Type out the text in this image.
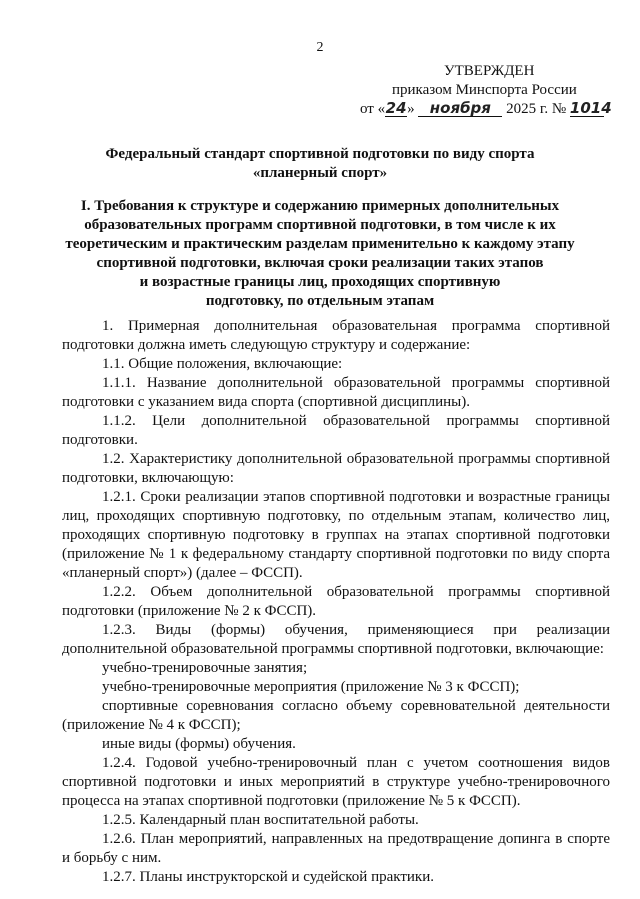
2
УТВЕРЖДЕН
приказом Минспорта России
от «24» ноября 2025 г. № 1014
Федеральный стандарт спортивной подготовки по виду спорта
«планерный спорт»
I. Требования к структуре и содержанию примерных дополнительных
образовательных программ спортивной подготовки, в том числе к их
теоретическим и практическим разделам применительно к каждому этапу
спортивной подготовки, включая сроки реализации таких этапов
и возрастные границы лиц, проходящих спортивную
подготовку, по отдельным этапам

1. Примерная дополнительная образовательная программа спортивной подготовки должна иметь следующую структуру и содержание:

1.1. Общие положения, включающие:

1.1.1. Название дополнительной образовательной программы спортивной подготовки с указанием вида спорта (спортивной дисциплины).

1.1.2. Цели дополнительной образовательной программы спортивной подготовки.

1.2. Характеристику дополнительной образовательной программы спортивной подготовки, включающую:

1.2.1. Сроки реализации этапов спортивной подготовки и возрастные границы лиц, проходящих спортивную подготовку, по отдельным этапам, количество лиц, проходящих спортивную подготовку в группах на этапах спортивной подготовки (приложение № 1 к федеральному стандарту спортивной подготовки по виду спорта «планерный спорт») (далее – ФССП).

1.2.2. Объем дополнительной образовательной программы спортивной подготовки (приложение № 2 к ФССП).

1.2.3. Виды (формы) обучения, применяющиеся при реализации дополнительной образовательной программы спортивной подготовки, включающие:

учебно-тренировочные занятия;

учебно-тренировочные мероприятия (приложение № 3 к ФССП);

спортивные соревнования согласно объему соревновательной деятельности (приложение № 4 к ФССП);

иные виды (формы) обучения.

1.2.4. Годовой учебно-тренировочный план с учетом соотношения видов спортивной подготовки и иных мероприятий в структуре учебно-тренировочного процесса на этапах спортивной подготовки (приложение № 5 к ФССП).

1.2.5. Календарный план воспитательной работы.

1.2.6. План мероприятий, направленных на предотвращение допинга в спорте и борьбу с ним.

1.2.7. Планы инструкторской и судейской практики.
